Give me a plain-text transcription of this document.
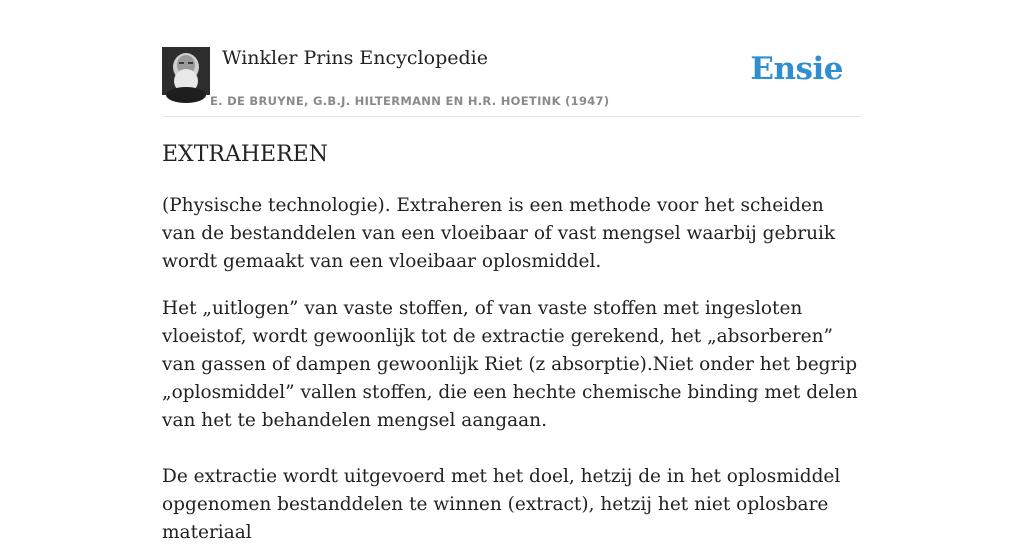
Winkler Prins Encyclopedie
E. DE BRUYNE, G.B.J. HILTERMANN EN H.R. HOETINK (1947)
Ensie
EXTRAHEREN

(Physische technologie). Extraheren is een methode voor het scheiden van de bestanddelen van een vloeibaar of vast mengsel waarbij gebruik wordt gemaakt van een vloeibaar oplosmiddel.

Het „uitlogen” van vaste stoffen, of van vaste stoffen met ingesloten vloeistof, wordt gewoonlijk tot de extractie gerekend, het „absorberen” van gassen of dampen gewoonlijk Riet (z absorptie).Niet onder het begrip „oplosmiddel” vallen stoffen, die een hechte chemische binding met delen van het te behandelen mengsel aangaan.

De extractie wordt uitgevoerd met het doel, hetzij de in het oplosmiddel opgenomen bestanddelen te winnen (extract), hetzij het niet oplosbare materiaal
